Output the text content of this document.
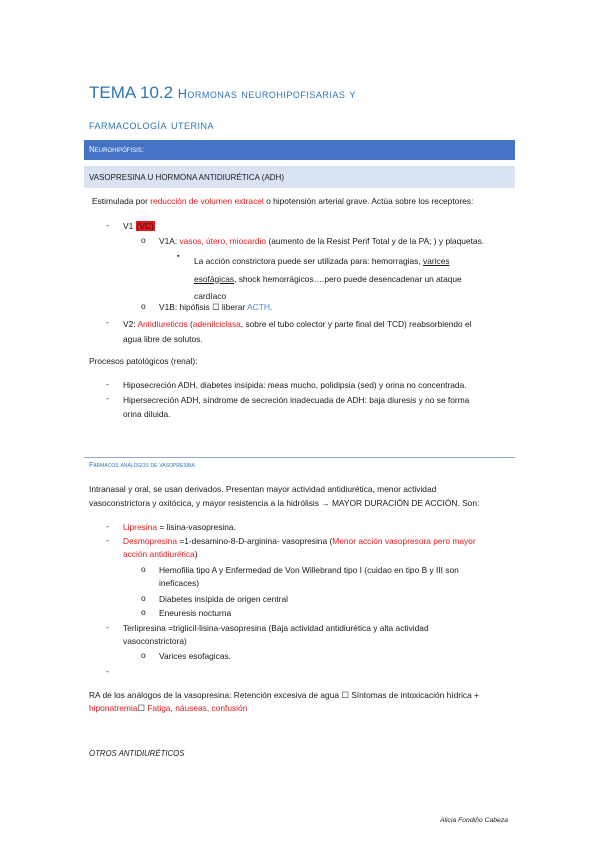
TEMA 10.2 Hormonas neurohipofisarias y
farmacología uterina
Neurohipófisis:
VASOPRESINA U HORMONA ANTIDIURÉTICA (ADH)
Estimulada por reducción de volumen extracel o hipotensión arterial grave. Actúa sobre los receptores:
- V1 (VC)
o V1A: vasos, útero, miocardio (aumento de la Resist Perif Total y de la PA; ) y plaquetas.
▪ La acción constrictora puede ser utilizada para: hemorragias, varices
esofágicas, shock hemorrágicos….pero puede desencadenar un ataque
cardíaco
o V1B: hipófisis ☐ liberar ACTH.
- V2: Antidiureticos (adenilciclasa, sobre el tubo colector y parte final del TCD) reabsorbiendo el
agua libre de solutos.
Procesos patológicos (renal):
- Hiposecreción ADH, diabetes insípida: meas mucho, polidipsia (sed) y orina no concentrada.
- Hipersecreción ADH, síndrome de secreción inadecuada de ADH: baja diuresis y no se forma
orina diluida.
Fármacos análogos de vasopresina
Intranasal y oral, se usan derivados. Presentan mayor actividad antidiurética, menor actividad
vasoconstrictora y oxitócica, y mayor resistencia a la hidrólisis → MAYOR DURACIÓN DE ACCIÓN. Son:
- Lipresina = lisina-vasopresina.
- Desmopresina =1-desamino-8-D-arginina- vasopresina (Menor acción vasopresora pero mayor
acción antidiurética)
o Hemofilia tipo A y Enfermedad de Von Willebrand tipo I (cuidao en tipo B y III son
ineficaces)
o Diabetes insípida de origen central
o Eneuresis nocturna
- Terlipresina =triglicil-lisina-vasopresina (Baja actividad antidiurética y alta actividad
vasoconstrictora)
o Varices esofagicas.
-
RA de los análogos de la vasopresina: Retención excesiva de agua ☐ Síntomas de intoxicación hídrica +
hiponatremia☐ Fatiga, náuseas, confusión
OTROS ANTIDIURÉTICOS
Alicia Fondiño Cabeza
